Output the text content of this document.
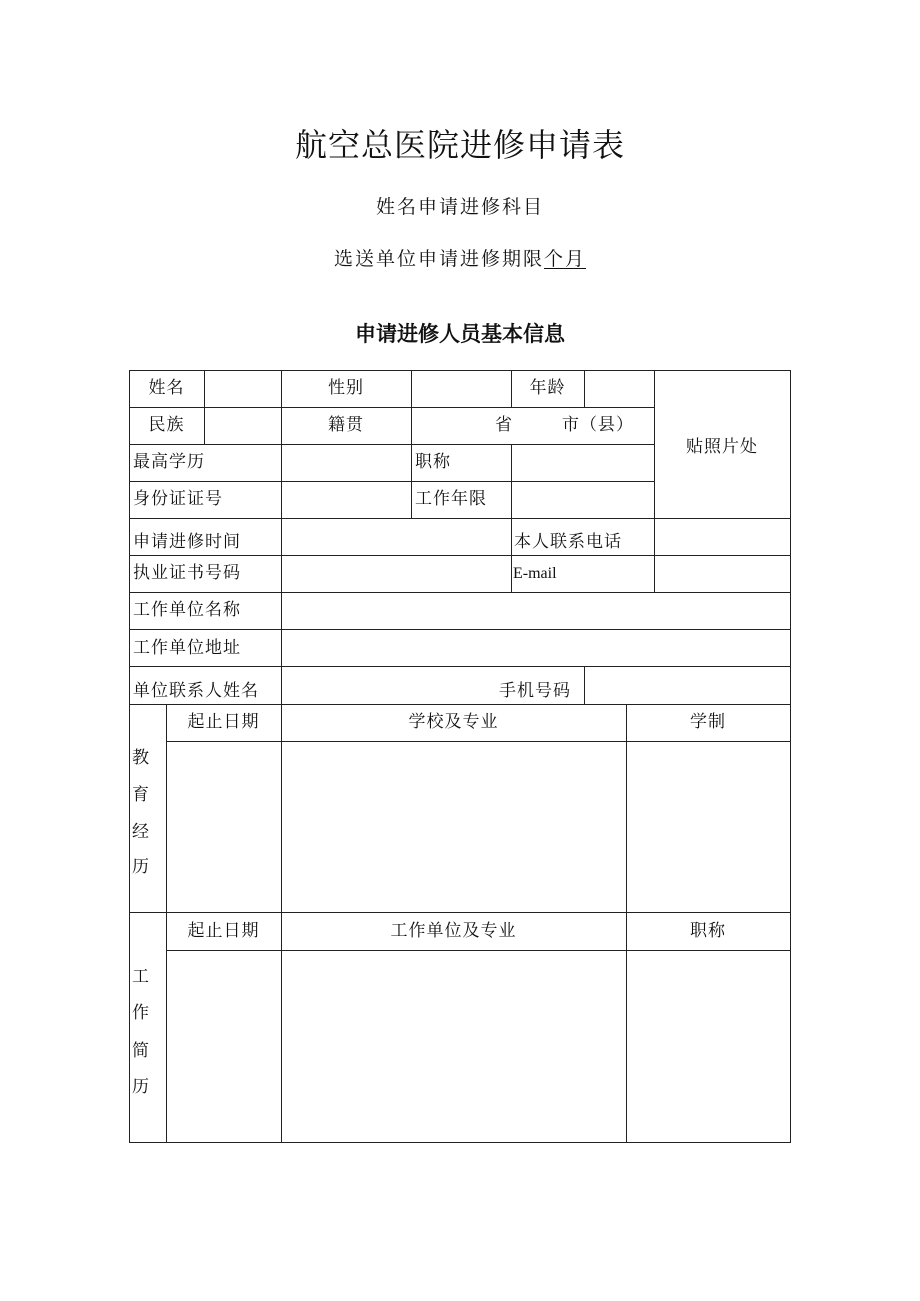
航空总医院进修申请表
姓名申请进修科目
选送单位申请进修期限个月
申请进修人员基本信息
姓名	性别	年龄
贴照片处
民族	籍贯	省	市（县）
最高学历	职称
身份证证号	工作年限
申请进修时间	本人联系电话
执业证书号码	E-mail
工作单位名称
工作单位地址
单位联系人姓名	手机号码
起止日期	学校及专业	学制
教
育
经
历
起止日期	工作单位及专业	职称
工
作
简
历
